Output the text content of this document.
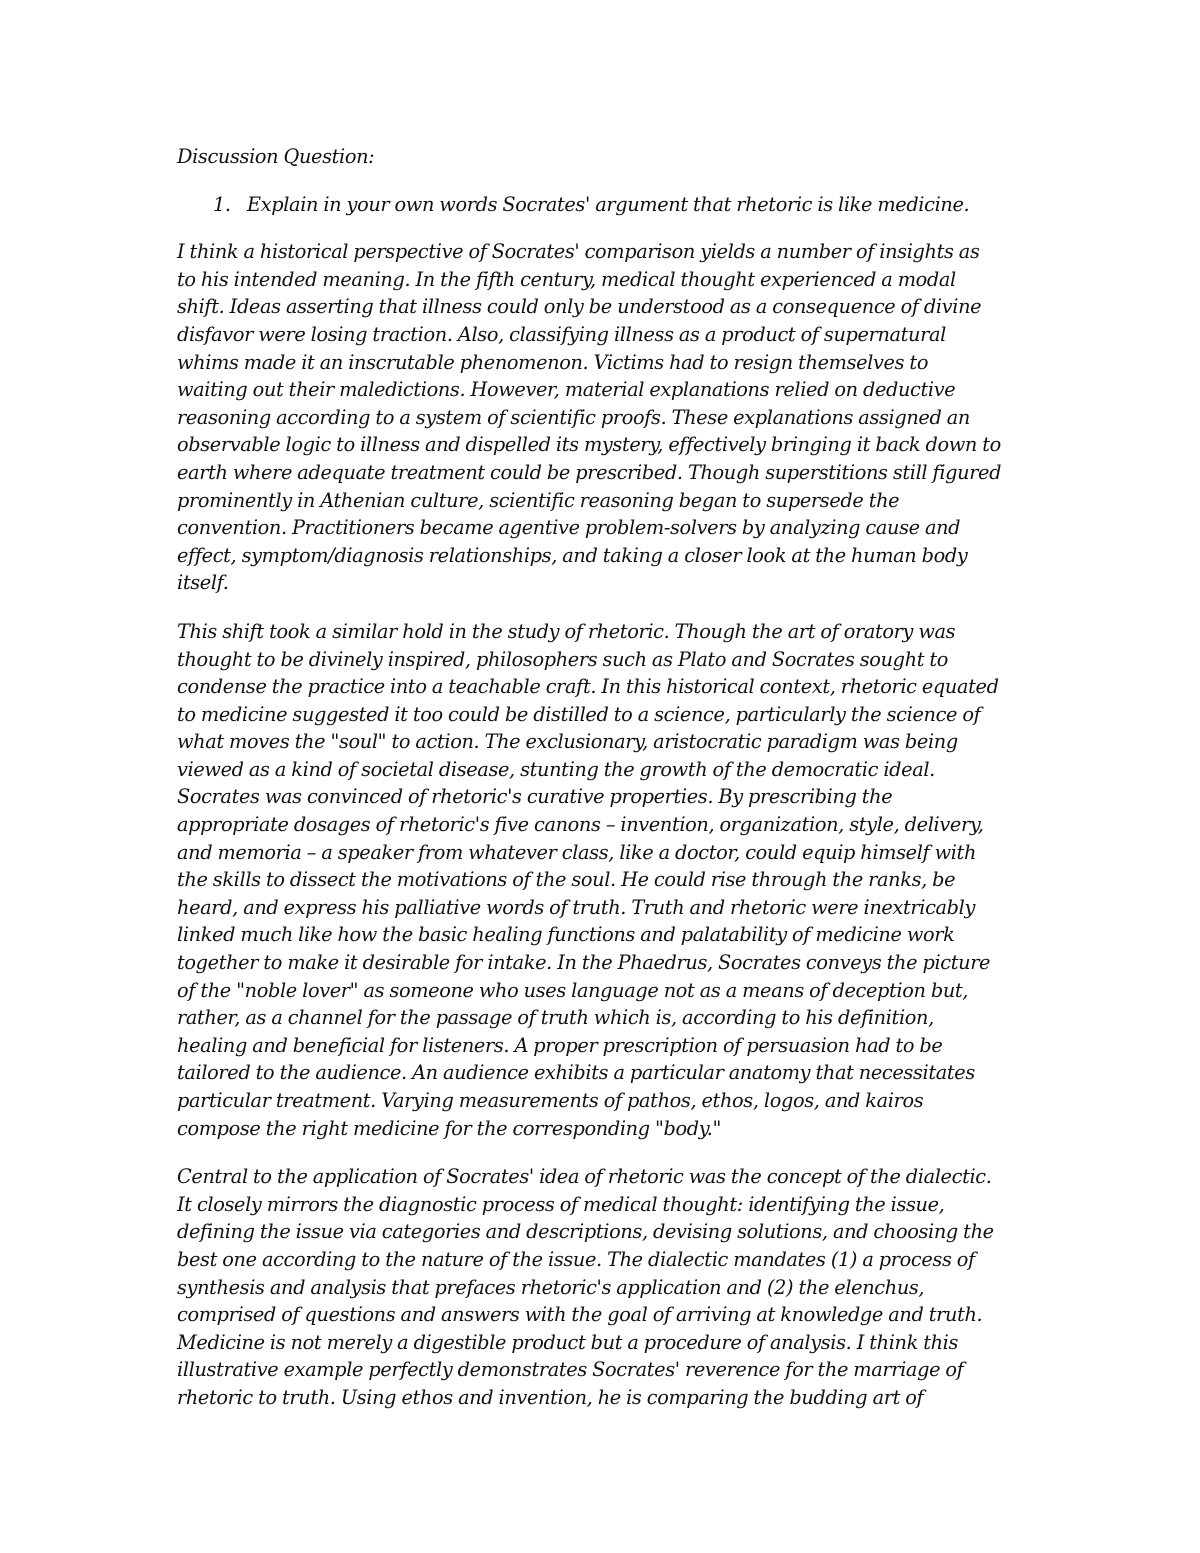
Discussion Question:

1. Explain in your own words Socrates' argument that rhetoric is like medicine.

I think a historical perspective of Socrates' comparison yields a number of insights as
to his intended meaning. In the fifth century, medical thought experienced a modal
shift. Ideas asserting that illness could only be understood as a consequence of divine
disfavor were losing traction. Also, classifying illness as a product of supernatural
whims made it an inscrutable phenomenon. Victims had to resign themselves to
waiting out their maledictions. However, material explanations relied on deductive
reasoning according to a system of scientific proofs. These explanations assigned an
observable logic to illness and dispelled its mystery, effectively bringing it back down to
earth where adequate treatment could be prescribed. Though superstitions still figured
prominently in Athenian culture, scientific reasoning began to supersede the
convention. Practitioners became agentive problem-solvers by analyzing cause and
effect, symptom/diagnosis relationships, and taking a closer look at the human body
itself.

This shift took a similar hold in the study of rhetoric. Though the art of oratory was
thought to be divinely inspired, philosophers such as Plato and Socrates sought to
condense the practice into a teachable craft. In this historical context, rhetoric equated
to medicine suggested it too could be distilled to a science, particularly the science of
what moves the "soul" to action. The exclusionary, aristocratic paradigm was being
viewed as a kind of societal disease, stunting the growth of the democratic ideal.
Socrates was convinced of rhetoric's curative properties. By prescribing the
appropriate dosages of rhetoric's five canons – invention, organization, style, delivery,
and memoria – a speaker from whatever class, like a doctor, could equip himself with
the skills to dissect the motivations of the soul. He could rise through the ranks, be
heard, and express his palliative words of truth. Truth and rhetoric were inextricably
linked much like how the basic healing functions and palatability of medicine work
together to make it desirable for intake. In the Phaedrus, Socrates conveys the picture
of the "noble lover" as someone who uses language not as a means of deception but,
rather, as a channel for the passage of truth which is, according to his definition,
healing and beneficial for listeners. A proper prescription of persuasion had to be
tailored to the audience. An audience exhibits a particular anatomy that necessitates
particular treatment. Varying measurements of pathos, ethos, logos, and kairos
compose the right medicine for the corresponding "body."

Central to the application of Socrates' idea of rhetoric was the concept of the dialectic.
It closely mirrors the diagnostic process of medical thought: identifying the issue,
defining the issue via categories and descriptions, devising solutions, and choosing the
best one according to the nature of the issue. The dialectic mandates (1) a process of
synthesis and analysis that prefaces rhetoric's application and (2) the elenchus,
comprised of questions and answers with the goal of arriving at knowledge and truth.
Medicine is not merely a digestible product but a procedure of analysis. I think this
illustrative example perfectly demonstrates Socrates' reverence for the marriage of
rhetoric to truth. Using ethos and invention, he is comparing the budding art of
